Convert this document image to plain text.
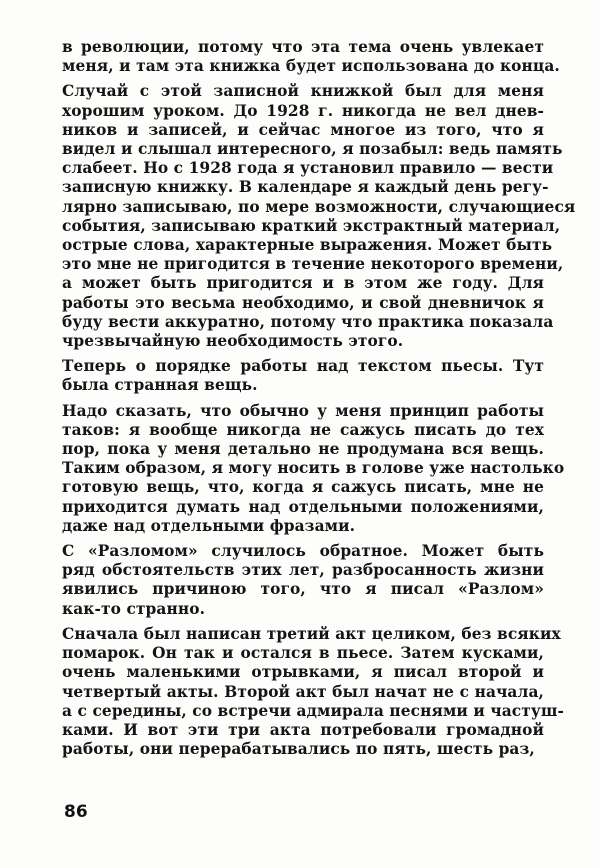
в революции, потому что эта тема очень увлекает
меня, и там эта книжка будет использована до конца.
Случай с этой записной книжкой был для меня
хорошим уроком. До 1928 г. никогда не вел днев-
ников и записей, и сейчас многое из того, что я
видел и слышал интересного, я позабыл: ведь память
слабеет. Но с 1928 года я установил правило — вести
записную книжку. В календаре я каждый день регу-
лярно записываю, по мере возможности, случающиеся
события, записываю краткий экстрактный материал,
острые слова, характерные выражения. Может быть
это мне не пригодится в течение некоторого времени,
а может быть пригодится и в этом же году. Для
работы это весьма необходимо, и свой дневничок я
буду вести аккуратно, потому что практика показала
чрезвычайную необходимость этого.
Теперь о порядке работы над текстом пьесы. Тут
была странная вещь.
Надо сказать, что обычно у меня принцип работы
таков: я вообще никогда не сажусь писать до тех
пор, пока у меня детально не продумана вся вещь.
Таким образом, я могу носить в голове уже настолько
готовую вещь, что, когда я сажусь писать, мне не
приходится думать над отдельными положениями,
даже над отдельными фразами.
С «Разломом» случилось обратное. Может быть
ряд обстоятельств этих лет, разбросанность жизни
явились причиною того, что я писал «Разлом»
как-то странно.
Сначала был написан третий акт целиком, без всяких
помарок. Он так и остался в пьесе. Затем кусками,
очень маленькими отрывками, я писал второй и
четвертый акты. Второй акт был начат не с начала,
а с середины, со встречи адмирала песнями и частуш-
ками. И вот эти три акта потребовали громадной
работы, они перерабатывались по пять, шесть раз,
86
